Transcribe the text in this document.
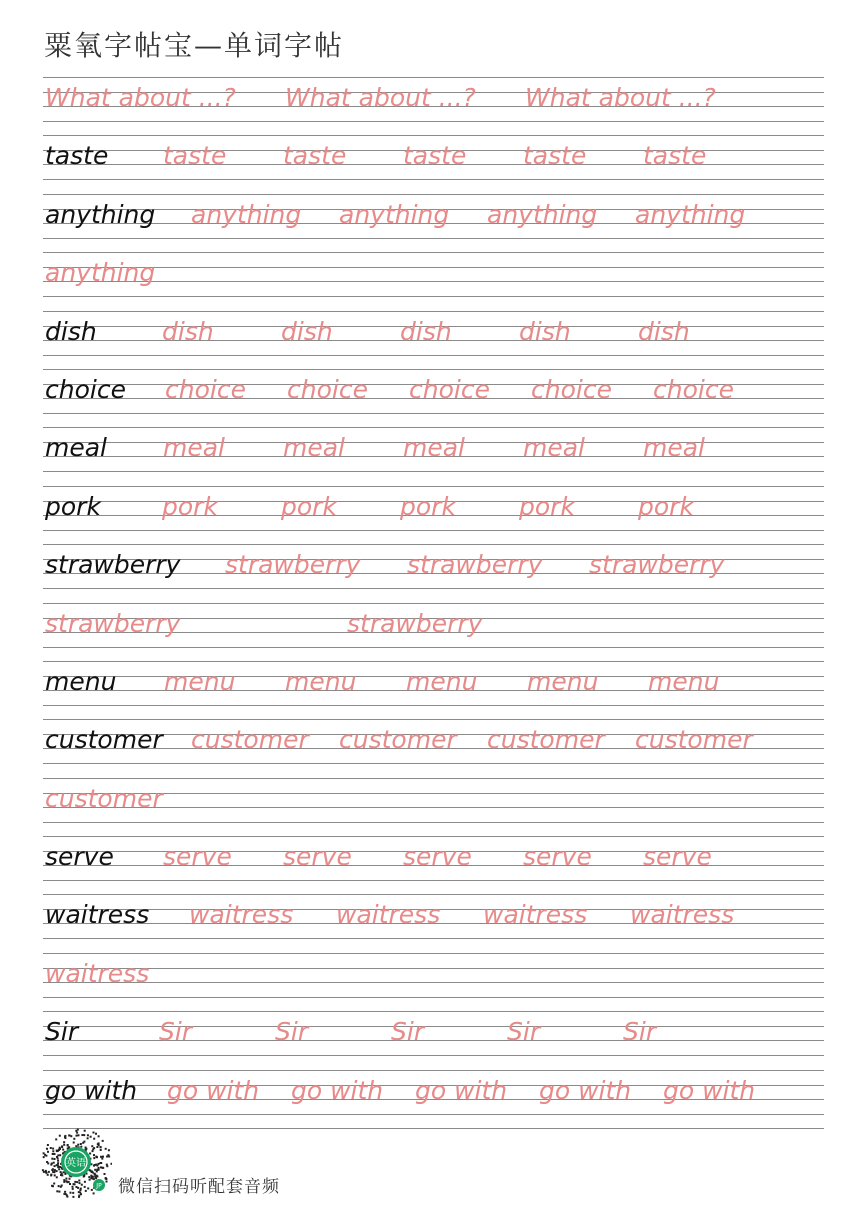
粟氧字帖宝—单词字帖
What about ...? What about ...? What about ...?
taste taste taste taste taste taste
anything anything anything anything anything
anything
dish	dish	dish	dish	dish	dish
choice choice choice choice choice choice
meal meal meal meal meal meal
pork pork	pork	pork	pork	pork
strawberry strawberry strawberry strawberry
strawberry	strawberry
menu menu menu menu menu menu
customer customer customer customer customer
customer
serve serve serve serve serve serve
waitress waitress waitress waitress waitress
waitress
Sir	Sir	Sir	Sir	Sir	Sir
go with go with go with go with go with go with
英语
JP 微信扫码听配套音频
